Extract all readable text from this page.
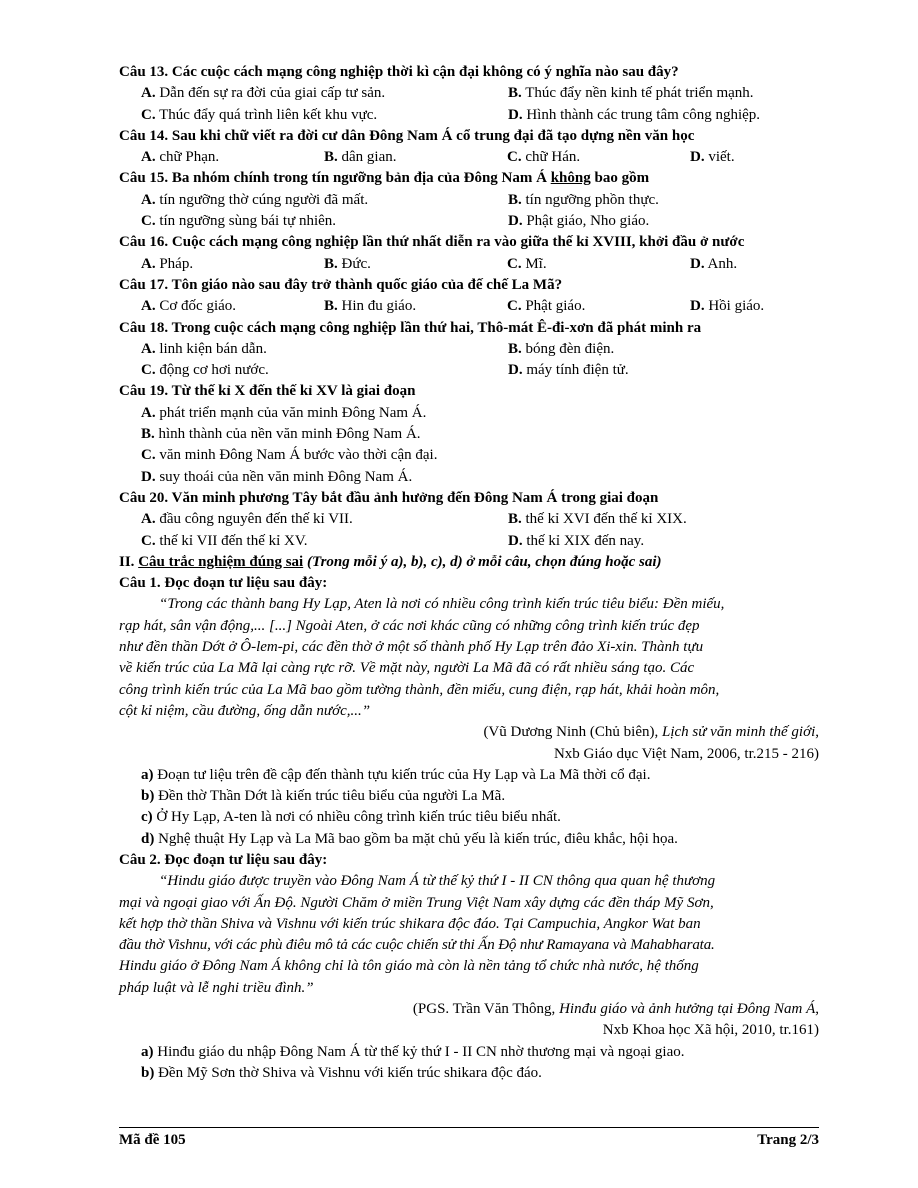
Câu 13. Các cuộc cách mạng công nghiệp thời kì cận đại không có ý nghĩa nào sau đây?
A. Dẫn đến sự ra đời của giai cấp tư sản.	B. Thúc đẩy nền kinh tế phát triển mạnh.
C. Thúc đẩy quá trình liên kết khu vực.	D. Hình thành các trung tâm công nghiệp.
Câu 14. Sau khi chữ viết ra đời cư dân Đông Nam Á cổ trung đại đã tạo dựng nền văn học
A. chữ Phạn.	B. dân gian.	C. chữ Hán.	D. viết.
Câu 15. Ba nhóm chính trong tín ngưỡng bản địa của Đông Nam Á không bao gồm
A. tín ngưỡng thờ cúng người đã mất.	B. tín ngưỡng phồn thực.
C. tín ngưỡng sùng bái tự nhiên.	D. Phật giáo, Nho giáo.
Câu 16. Cuộc cách mạng công nghiệp lần thứ nhất diễn ra vào giữa thế kỉ XVIII, khởi đầu ở nước
A. Pháp.	B. Đức.	C. Mĩ.	D. Anh.
Câu 17. Tôn giáo nào sau đây trở thành quốc giáo của đế chế La Mã?
A. Cơ đốc giáo.	B. Hin đu giáo.	C. Phật giáo.	D. Hồi giáo.
Câu 18. Trong cuộc cách mạng công nghiệp lần thứ hai, Thô-mát Ê-đi-xơn đã phát minh ra
A. linh kiện bán dẫn.	B. bóng đèn điện.
C. động cơ hơi nước.	D. máy tính điện tử.
Câu 19. Từ thế kỉ X đến thế kỉ XV là giai đoạn
A. phát triển mạnh của văn minh Đông Nam Á.
B. hình thành của nền văn minh Đông Nam Á.
C. văn minh Đông Nam Á bước vào thời cận đại.
D. suy thoái của nền văn minh Đông Nam Á.
Câu 20. Văn minh phương Tây bắt đầu ảnh hưởng đến Đông Nam Á trong giai đoạn
A. đầu công nguyên đến thế kỉ VII.	B. thế kỉ XVI đến thế kỉ XIX.
C. thế kỉ VII đến thế kỉ XV.	D. thế kỉ XIX đến nay.
II. Câu trắc nghiệm đúng sai (Trong mỗi ý a), b), c), d) ở mỗi câu, chọn đúng hoặc sai)
Câu 1. Đọc đoạn tư liệu sau đây:
“Trong các thành bang Hy Lạp, Aten là nơi có nhiều công trình kiến trúc tiêu biểu: Đền miếu,
rạp hát, sân vận động,... [...] Ngoài Aten, ở các nơi khác cũng có những công trình kiến trúc đẹp
như đền thần Dớt ở Ô-lem-pi, các đền thờ ở một số thành phố Hy Lạp trên đảo Xi-xin. Thành tựu
về kiến trúc của La Mã lại càng rực rỡ. Về mặt này, người La Mã đã có rất nhiều sáng tạo. Các
công trình kiến trúc của La Mã bao gồm tường thành, đền miếu, cung điện, rạp hát, khải hoàn môn,
cột kỉ niệm, cầu đường, ống dẫn nước,...”
(Vũ Dương Ninh (Chủ biên), Lịch sử văn minh thế giới,
Nxb Giáo dục Việt Nam, 2006, tr.215 - 216)
a) Đoạn tư liệu trên đề cập đến thành tựu kiến trúc của Hy Lạp và La Mã thời cổ đại.
b) Đền thờ Thần Dớt là kiến trúc tiêu biểu của người La Mã.
c) Ở Hy Lạp, A-ten là nơi có nhiều công trình kiến trúc tiêu biểu nhất.
d) Nghệ thuật Hy Lạp và La Mã bao gồm ba mặt chủ yếu là kiến trúc, điêu khắc, hội họa.
Câu 2. Đọc đoạn tư liệu sau đây:
“Hindu giáo được truyền vào Đông Nam Á từ thế kỷ thứ I - II CN thông qua quan hệ thương
mại và ngoại giao với Ấn Độ. Người Chăm ở miền Trung Việt Nam xây dựng các đền tháp Mỹ Sơn,
kết hợp thờ thần Shiva và Vishnu với kiến trúc shikara độc đáo. Tại Campuchia, Angkor Wat ban
đầu thờ Vishnu, với các phù điêu mô tả các cuộc chiến sử thi Ấn Độ như Ramayana và Mahabharata.
Hindu giáo ở Đông Nam Á không chỉ là tôn giáo mà còn là nền tảng tổ chức nhà nước, hệ thống
pháp luật và lễ nghi triều đình.”
(PGS. Trần Văn Thông, Hinđu giáo và ảnh hưởng tại Đông Nam Á,
Nxb Khoa học Xã hội, 2010, tr.161)
a) Hinđu giáo du nhập Đông Nam Á từ thế kỷ thứ I - II CN nhờ thương mại và ngoại giao.
b) Đền Mỹ Sơn thờ Shiva và Vishnu với kiến trúc shikara độc đáo.
Mã đề 105	Trang 2/3
